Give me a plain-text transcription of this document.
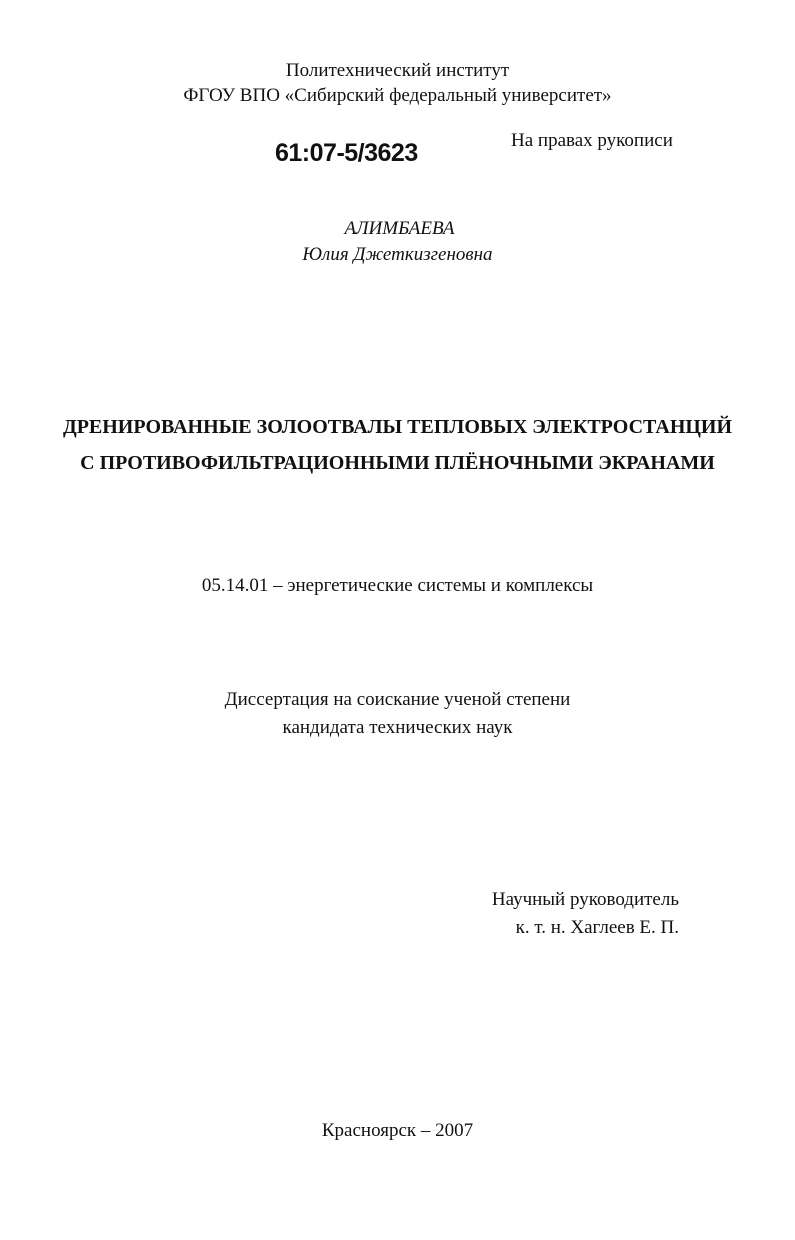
Политехнический институт
ФГОУ ВПО «Сибирский федеральный университет»
61:07-5/3623	На правах рукописи
АЛИМБАЕВА
Юлия Джеткизгеновна
ДРЕНИРОВАННЫЕ ЗОЛООТВАЛЫ ТЕПЛОВЫХ ЭЛЕКТРОСТАНЦИЙ
С ПРОТИВОФИЛЬТРАЦИОННЫМИ ПЛЁНОЧНЫМИ ЭКРАНАМИ
05.14.01 – энергетические системы и комплексы
Диссертация на соискание ученой степени
кандидата технических наук
Научный руководитель
к. т. н. Хаглеев Е. П.
Красноярск – 2007
